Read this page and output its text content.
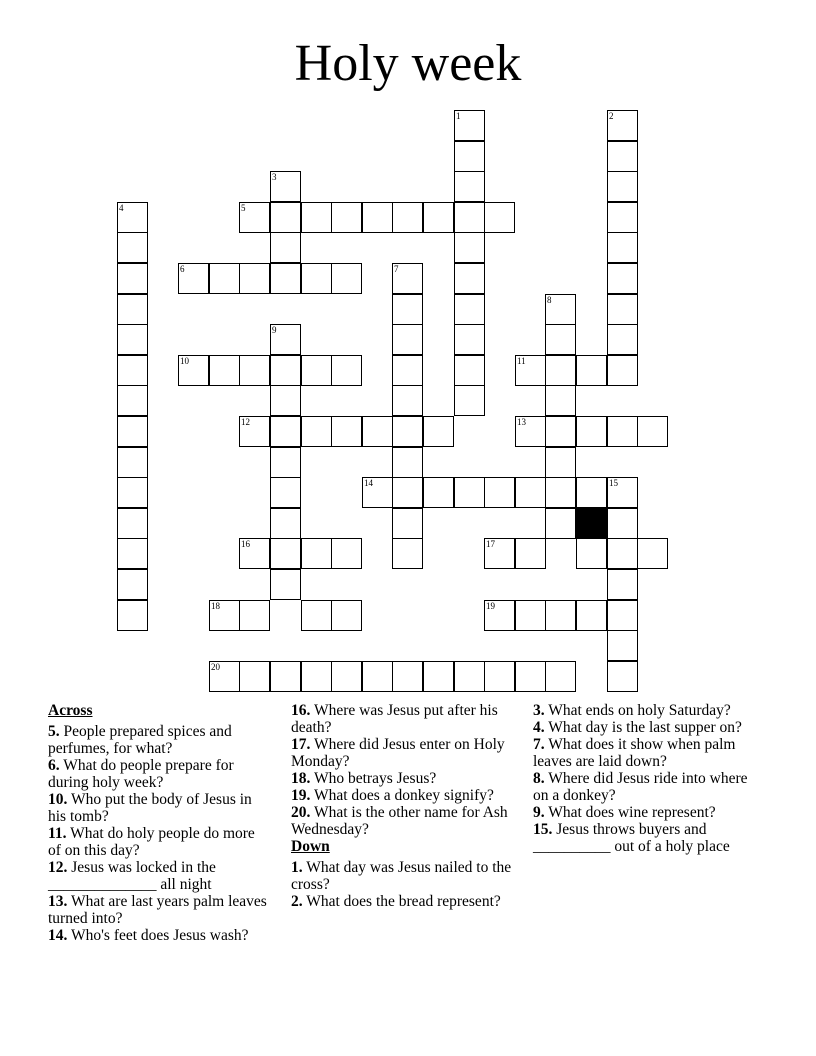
Holy week
1	2
3
4	5
6	7
8
9
10	11
12	13
14	15
16	17
18	19
20
Across
5. People prepared spices and perfumes, for what?
6. What do people prepare for during holy week?
10. Who put the body of Jesus in his tomb?
11. What do holy people do more of on this day?
12. Jesus was locked in the ______________ all night
13. What are last years palm leaves turned into?
14. Who's feet does Jesus wash?
16. Where was Jesus put after his death?
17. Where did Jesus enter on Holy Monday?
18. Who betrays Jesus?
19. What does a donkey signify?
20. What is the other name for Ash Wednesday?
Down
1. What day was Jesus nailed to the cross?
2. What does the bread represent?
3. What ends on holy Saturday?
4. What day is the last supper on?
7. What does it show when palm leaves are laid down?
8. Where did Jesus ride into where on a donkey?
9. What does wine represent?
15. Jesus throws buyers and __________ out of a holy place
